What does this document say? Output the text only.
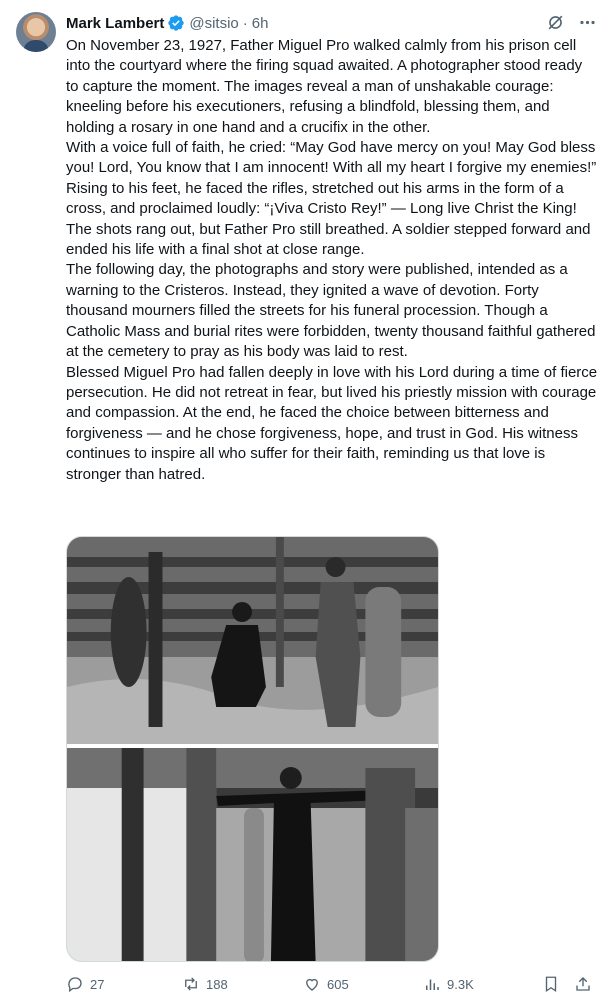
Mark Lambert @sitsio · 6h

On November 23, 1927, Father Miguel Pro walked calmly from his prison cell into the courtyard where the firing squad awaited. A photographer stood ready to capture the moment. The images reveal a man of unshakable courage: kneeling before his executioners, refusing a blindfold, blessing them, and holding a rosary in one hand and a crucifix in the other.

With a voice full of faith, he cried: “May God have mercy on you! May God bless you! Lord, You know that I am innocent! With all my heart I forgive my enemies!”

Rising to his feet, he faced the rifles, stretched out his arms in the form of a cross, and proclaimed loudly: “¡Viva Cristo Rey!” — Long live Christ the King!

The shots rang out, but Father Pro still breathed. A soldier stepped forward and ended his life with a final shot at close range.

The following day, the photographs and story were published, intended as a warning to the Cristeros. Instead, they ignited a wave of devotion. Forty thousand mourners filled the streets for his funeral procession. Though a Catholic Mass and burial rites were forbidden, twenty thousand faithful gathered at the cemetery to pray as his body was laid to rest.

Blessed Miguel Pro had fallen deeply in love with his Lord during a time of fierce persecution. He did not retreat in fear, but lived his priestly mission with courage and compassion. At the end, he faced the choice between bitterness and forgiveness — and he chose forgiveness, hope, and trust in God. His witness continues to inspire all who suffer for their faith, reminding us that love is stronger than hatred.

27	188	605	9.3K
